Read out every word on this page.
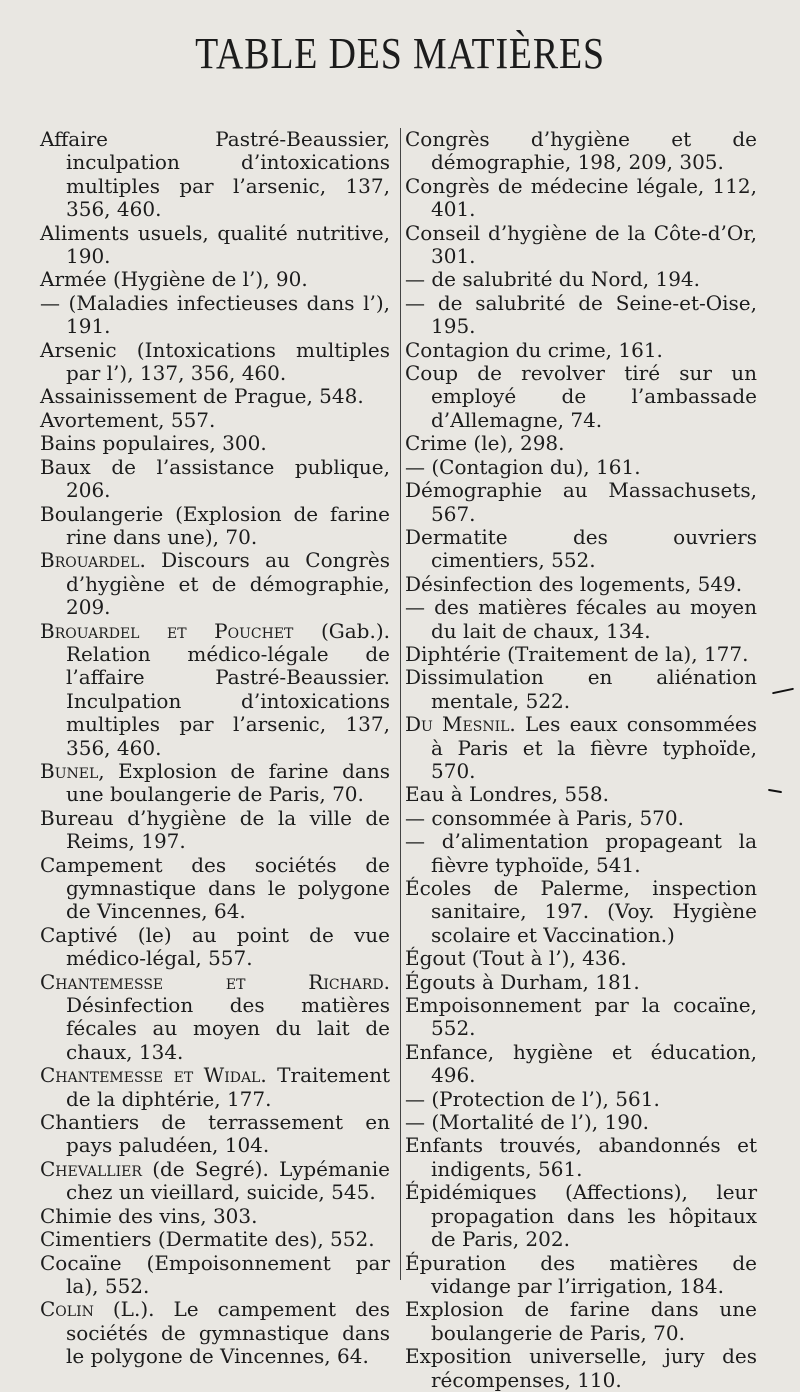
TABLE DES MATIÈRES
Affaire Pastré-Beaussier, inculpation d’intoxications multiples par l’arsenic, 137, 356, 460.
Aliments usuels, qualité nutritive, 190.
Armée (Hygiène de l’), 90.
— (Maladies infectieuses dans l’), 191.
Arsenic (Intoxications multiples par l’), 137, 356, 460.
Assainissement de Prague, 548.
Avortement, 557.
Bains populaires, 300.
Baux de l’assistance publique, 206.
Boulangerie (Explosion de farine rine dans une), 70.
Brouardel. Discours au Congrès d’hygiène et de démographie, 209.
Brouardel et Pouchet (Gab.). Relation médico-légale de l’affaire Pastré-Beaussier. Inculpation d’intoxications multiples par l’arsenic, 137, 356, 460.
Bunel, Explosion de farine dans une boulangerie de Paris, 70.
Bureau d’hygiène de la ville de Reims, 197.
Campement des sociétés de gymnastique dans le polygone de Vincennes, 64.
Captivé (le) au point de vue médico-légal, 557.
Chantemesse et Richard. Désinfection des matières fécales au moyen du lait de chaux, 134.
Chantemesse et Widal. Traitement de la diphtérie, 177.
Chantiers de terrassement en pays paludéen, 104.
Chevallier (de Segré). Lypémanie chez un vieillard, suicide, 545.
Chimie des vins, 303.
Cimentiers (Dermatite des), 552.
Cocaïne (Empoisonnement par la), 552.
Colin (L.). Le campement des sociétés de gymnastique dans le polygone de Vincennes, 64.
Congrès d’hygiène et de démographie, 198, 209, 305.
Congrès de médecine légale, 112, 401.
Conseil d’hygiène de la Côte-d’Or, 301.
— de salubrité du Nord, 194.
— de salubrité de Seine-et-Oise, 195.
Contagion du crime, 161.
Coup de revolver tiré sur un employé de l’ambassade d’Allemagne, 74.
Crime (le), 298.
— (Contagion du), 161.
Démographie au Massachusets, 567.
Dermatite des ouvriers cimentiers, 552.
Désinfection des logements, 549.
— des matières fécales au moyen du lait de chaux, 134.
Diphtérie (Traitement de la), 177.
Dissimulation en aliénation mentale, 522.
Du Mesnil. Les eaux consommées à Paris et la fièvre typhoïde, 570.
Eau à Londres, 558.
— consommée à Paris, 570.
— d’alimentation propageant la fièvre typhoïde, 541.
Écoles de Palerme, inspection sanitaire, 197. (Voy. Hygiène scolaire et Vaccination.)
Égout (Tout à l’), 436.
Égouts à Durham, 181.
Empoisonnement par la cocaïne, 552.
Enfance, hygiène et éducation, 496.
— (Protection de l’), 561.
— (Mortalité de l’), 190.
Enfants trouvés, abandonnés et indigents, 561.
Épidémiques (Affections), leur propagation dans les hôpitaux de Paris, 202.
Épuration des matières de vidange par l’irrigation, 184.
Explosion de farine dans une boulangerie de Paris, 70.
Exposition universelle, jury des récompenses, 110.
